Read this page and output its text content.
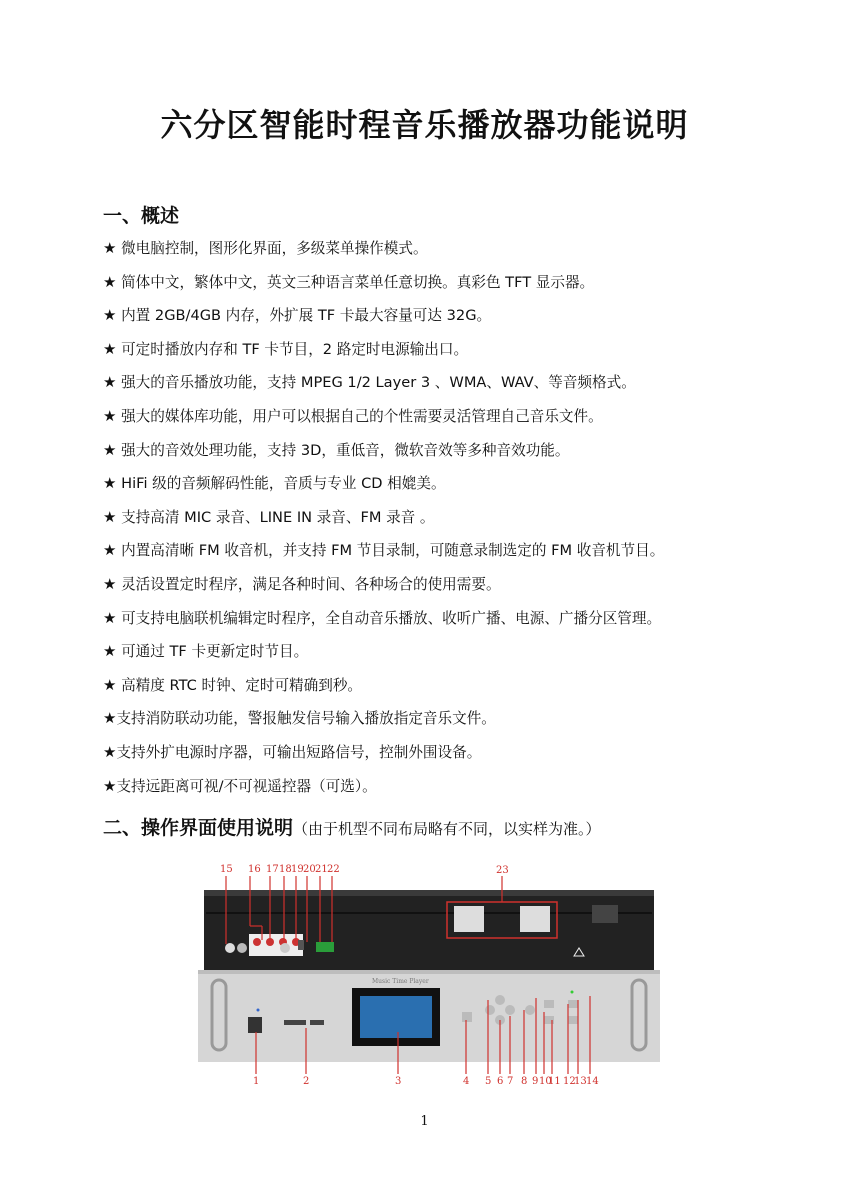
六分区智能时程音乐播放器功能说明
一、概述
★ 微电脑控制，图形化界面，多级菜单操作模式。
★ 简体中文，繁体中文，英文三种语言菜单任意切换。真彩色 TFT 显示器。
★ 内置 2GB/4GB 内存，外扩展 TF 卡最大容量可达 32G。
★ 可定时播放内存和 TF 卡节目，2 路定时电源输出口。
★ 强大的音乐播放功能，支持 MPEG 1/2 Layer 3 、WMA、WAV、等音频格式。
★ 强大的媒体库功能，用户可以根据自己的个性需要灵活管理自己音乐文件。
★ 强大的音效处理功能，支持 3D，重低音，微软音效等多种音效功能。
★ HiFi 级的音频解码性能，音质与专业 CD 相媲美。
★ 支持高清 MIC 录音、LINE IN 录音、FM 录音 。
★ 内置高清晰 FM 收音机，并支持 FM 节目录制，可随意录制选定的 FM 收音机节目。
★ 灵活设置定时程序，满足各种时间、各种场合的使用需要。
★ 可支持电脑联机编辑定时程序，全自动音乐播放、收听广播、电源、广播分区管理。
★ 可通过 TF 卡更新定时节目。
★ 高精度 RTC 时钟、定时可精确到秒。
★支持消防联动功能，警报触发信号输入播放指定音乐文件。
★支持外扩电源时序器，可输出短路信号，控制外围设备。
★支持远距离可视/不可视遥控器（可选）。
二、操作界面使用说明（由于机型不同布局略有不同，以实样为准。）
Music Time Player
15 16 17 18 19 20 21 22	23
1	2	3	4 5 6 7 8 9 10
11 12
13 14
1
